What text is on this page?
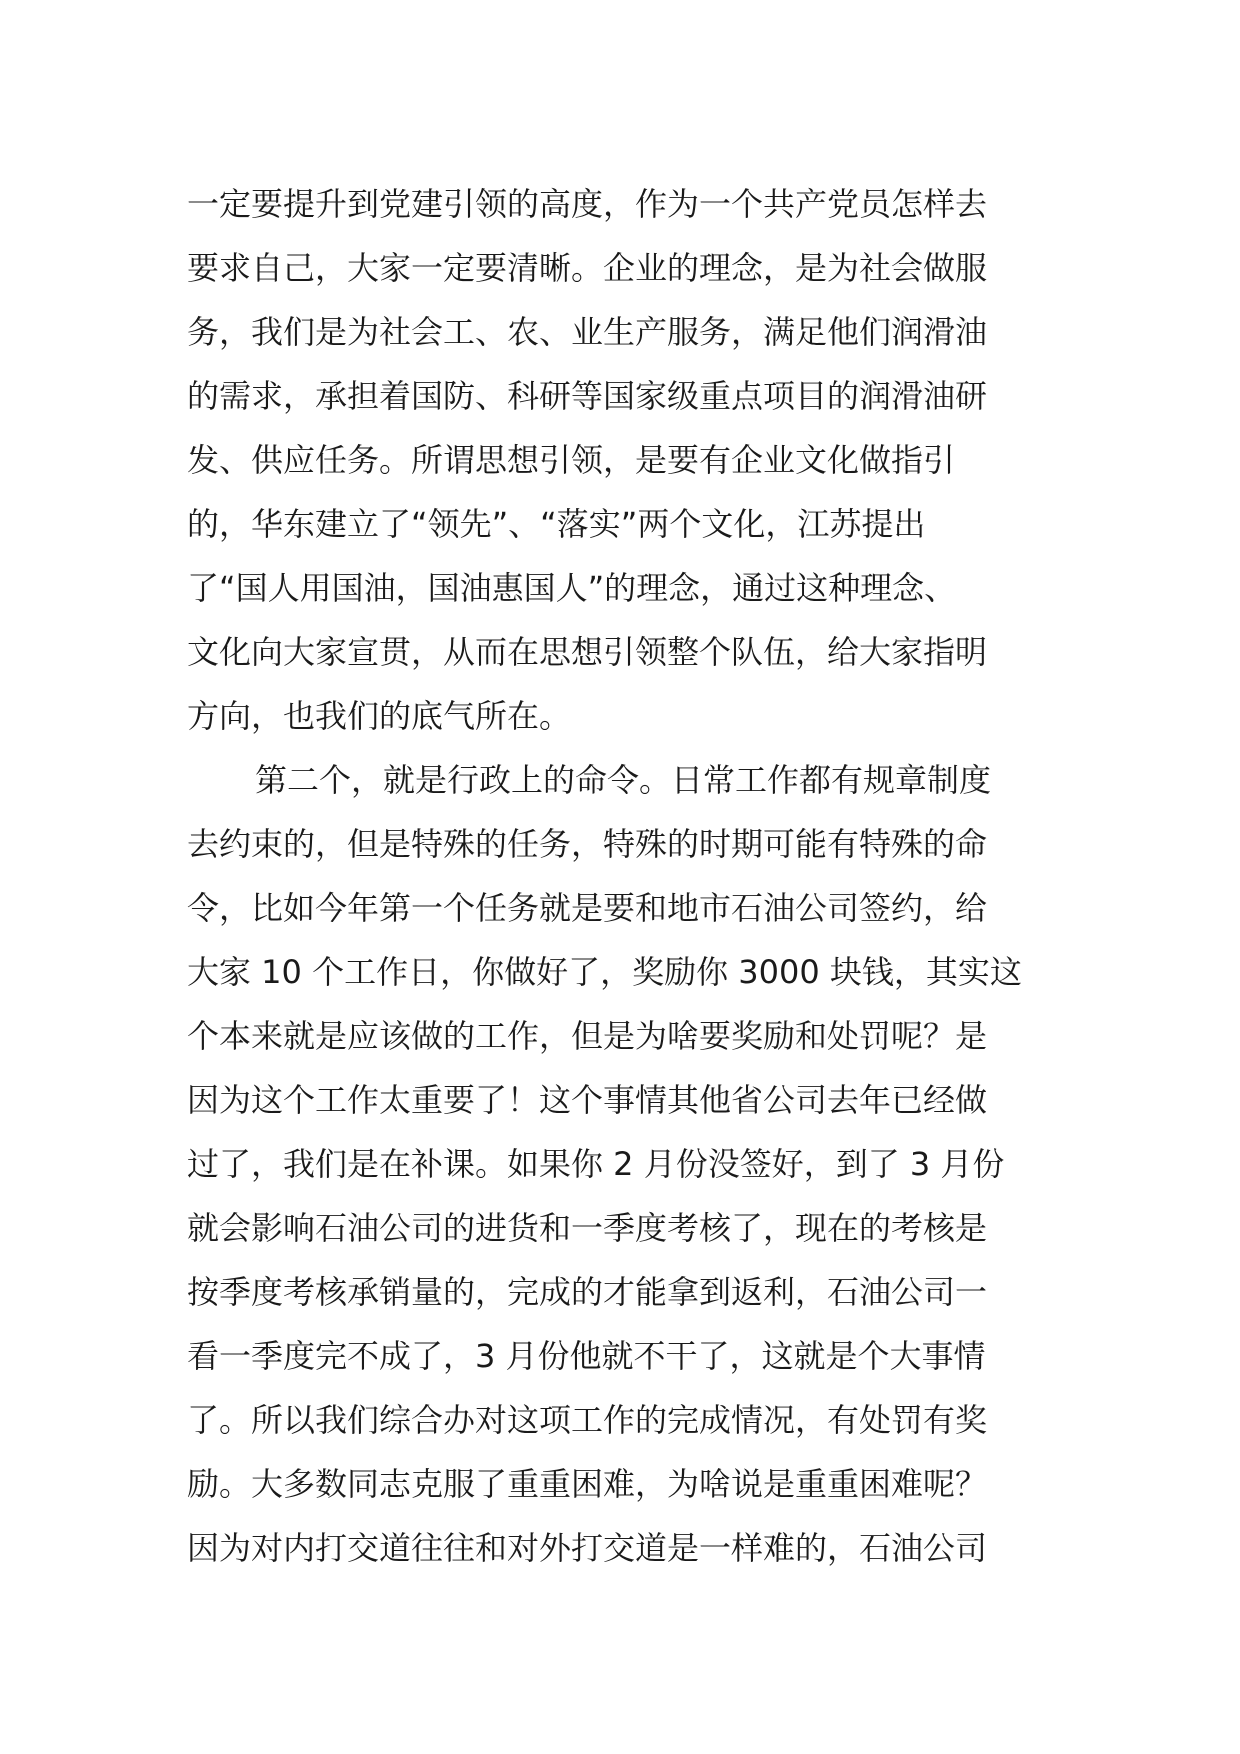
一定要提升到党建引领的高度，作为一个共产党员怎样去
要求自己，大家一定要清晰。企业的理念，是为社会做服
务，我们是为社会工、农、业生产服务，满足他们润滑油
的需求，承担着国防、科研等国家级重点项目的润滑油研
发、供应任务。所谓思想引领，是要有企业文化做指引
的，华东建立了“领先”、“落实”两个文化，江苏提出
了“国人用国油，国油惠国人”的理念，通过这种理念、
文化向大家宣贯，从而在思想引领整个队伍，给大家指明
方向，也我们的底气所在。
第二个，就是行政上的命令。日常工作都有规章制度
去约束的，但是特殊的任务，特殊的时期可能有特殊的命
令，比如今年第一个任务就是要和地市石油公司签约，给
大家 10 个工作日，你做好了，奖励你 3000 块钱，其实这
个本来就是应该做的工作，但是为啥要奖励和处罚呢？是
因为这个工作太重要了！这个事情其他省公司去年已经做
过了，我们是在补课。如果你 2 月份没签好，到了 3 月份
就会影响石油公司的进货和一季度考核了，现在的考核是
按季度考核承销量的，完成的才能拿到返利，石油公司一
看一季度完不成了，3 月份他就不干了，这就是个大事情
了。所以我们综合办对这项工作的完成情况，有处罚有奖
励。大多数同志克服了重重困难，为啥说是重重困难呢？
因为对内打交道往往和对外打交道是一样难的，石油公司
